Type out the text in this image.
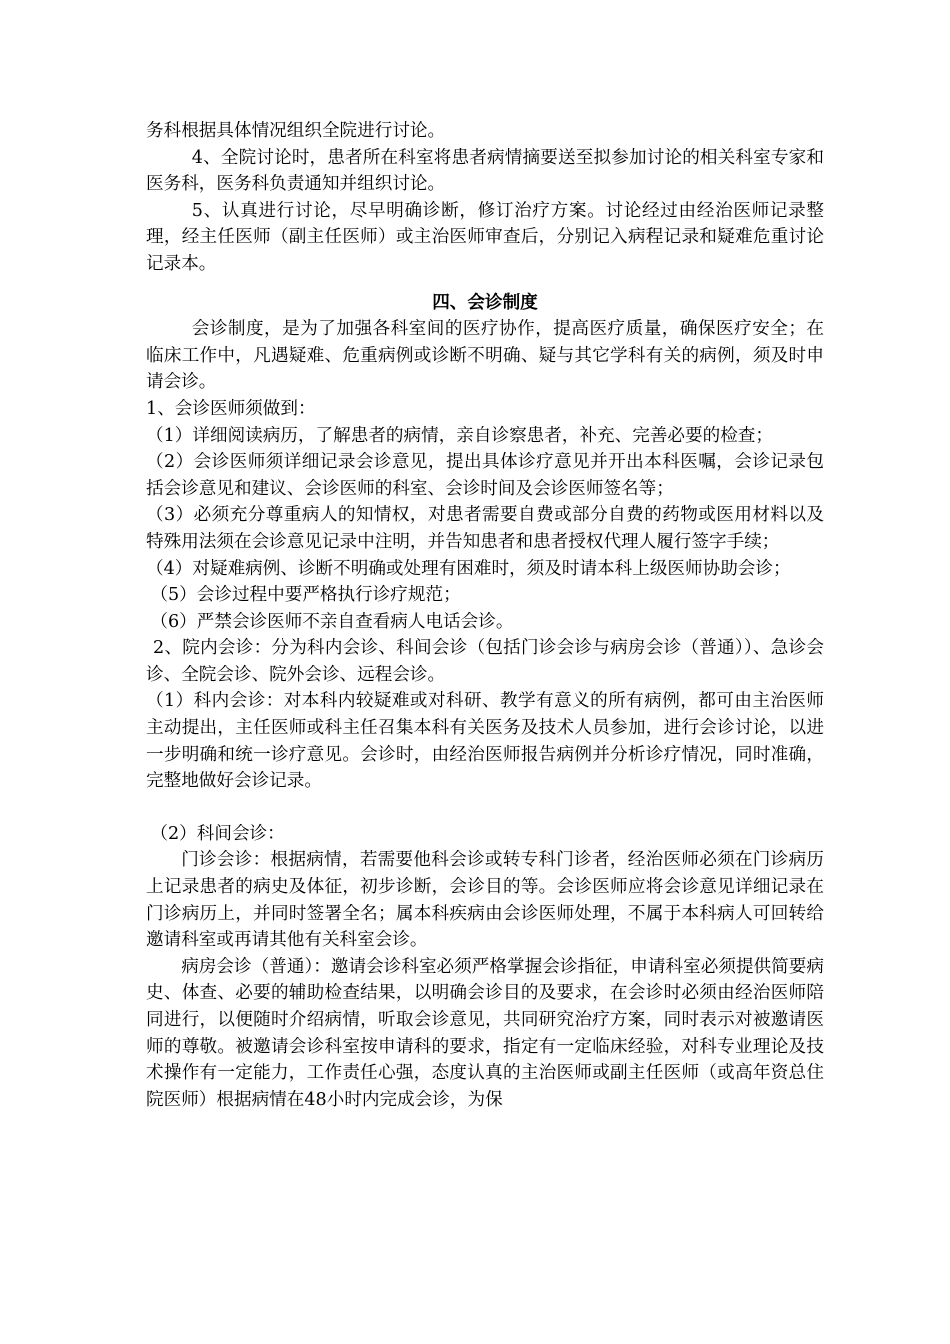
务科根据具体情况组织全院进行讨论。

4、全院讨论时，患者所在科室将患者病情摘要送至拟参加讨论的相关科室专家和医务科，医务科负责通知并组织讨论。

5、认真进行讨论，尽早明确诊断，修订治疗方案。讨论经过由经治医师记录整理，经主任医师（副主任医师）或主治医师审查后，分别记入病程记录和疑难危重讨论记录本。

四、会诊制度

会诊制度，是为了加强各科室间的医疗协作，提高医疗质量，确保医疗安全；在临床工作中，凡遇疑难、危重病例或诊断不明确、疑与其它学科有关的病例，须及时申请会诊。

1、会诊医师须做到：

（1）详细阅读病历，了解患者的病情，亲自诊察患者，补充、完善必要的检查；

（2）会诊医师须详细记录会诊意见，提出具体诊疗意见并开出本科医嘱，会诊记录包括会诊意见和建议、会诊医师的科室、会诊时间及会诊医师签名等；

（3）必须充分尊重病人的知情权，对患者需要自费或部分自费的药物或医用材料以及特殊用法须在会诊意见记录中注明，并告知患者和患者授权代理人履行签字手续；

（4）对疑难病例、诊断不明确或处理有困难时，须及时请本科上级医师协助会诊；

（5）会诊过程中要严格执行诊疗规范；

（6）严禁会诊医师不亲自查看病人电话会诊。

2、院内会诊：分为科内会诊、科间会诊（包括门诊会诊与病房会诊（普通））、急诊会诊、全院会诊、院外会诊、远程会诊。

（1）科内会诊：对本科内较疑难或对科研、教学有意义的所有病例，都可由主治医师主动提出，主任医师或科主任召集本科有关医务及技术人员参加，进行会诊讨论，以进一步明确和统一诊疗意见。会诊时，由经治医师报告病例并分析诊疗情况，同时准确，完整地做好会诊记录。

（2）科间会诊：

门诊会诊：根据病情，若需要他科会诊或转专科门诊者，经治医师必须在门诊病历上记录患者的病史及体征，初步诊断，会诊目的等。会诊医师应将会诊意见详细记录在门诊病历上，并同时签署全名；属本科疾病由会诊医师处理，不属于本科病人可回转给邀请科室或再请其他有关科室会诊。

病房会诊（普通）：邀请会诊科室必须严格掌握会诊指征，申请科室必须提供简要病史、体查、必要的辅助检查结果，以明确会诊目的及要求，在会诊时必须由经治医师陪同进行，以便随时介绍病情，听取会诊意见，共同研究治疗方案，同时表示对被邀请医师的尊敬。被邀请会诊科室按申请科的要求，指定有一定临床经验，对科专业理论及技术操作有一定能力，工作责任心强，态度认真的主治医师或副主任医师（或高年资总住院医师）根据病情在48小时内完成会诊，为保
